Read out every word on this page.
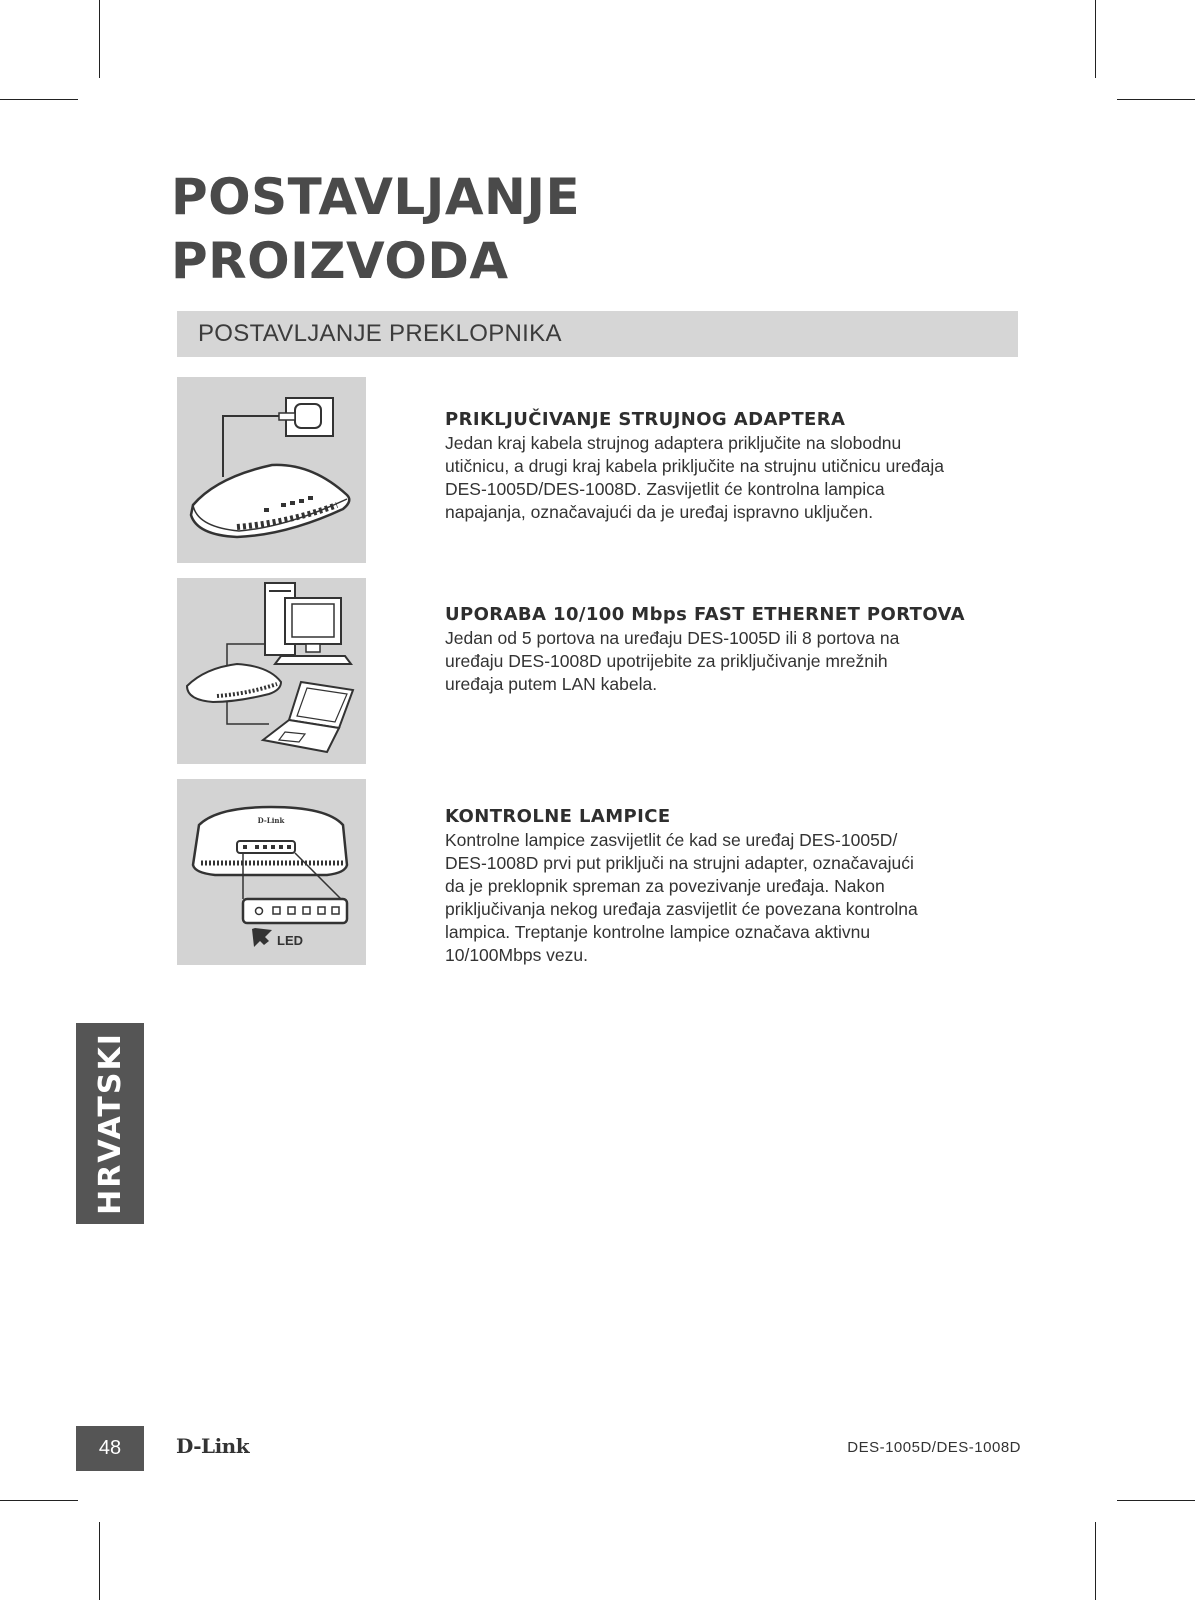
POSTAVLJANJE
PROIZVODA
POSTAVLJANJE PREKLOPNIKA
D-Link
LED
PRIKLJUČIVANJE STRUJNOG ADAPTERA

Jedan kraj kabela strujnog adaptera priključite na slobodnu
utičnicu, a drugi kraj kabela priključite na strujnu utičnicu uređaja
DES-1005D/DES-1008D. Zasvijetlit će kontrolna lampica
napajanja, označavajući da je uređaj ispravno uključen.

UPORABA 10/100 Mbps FAST ETHERNET PORTOVA

Jedan od 5 portova na uređaju DES-1005D ili 8 portova na
uređaju DES-1008D upotrijebite za priključivanje mrežnih
uređaja putem LAN kabela.

KONTROLNE LAMPICE

Kontrolne lampice zasvijetlit će kad se uređaj DES-1005D/
DES-1008D prvi put priključi na strujni adapter, označavajući
da je preklopnik spreman za povezivanje uređaja. Nakon
priključivanja nekog uređaja zasvijetlit će povezana kontrolna
lampica. Treptanje kontrolne lampice označava aktivnu
10/100Mbps vezu.

HRVATSKI
48	D-Link	DES-1005D/DES-1008D
